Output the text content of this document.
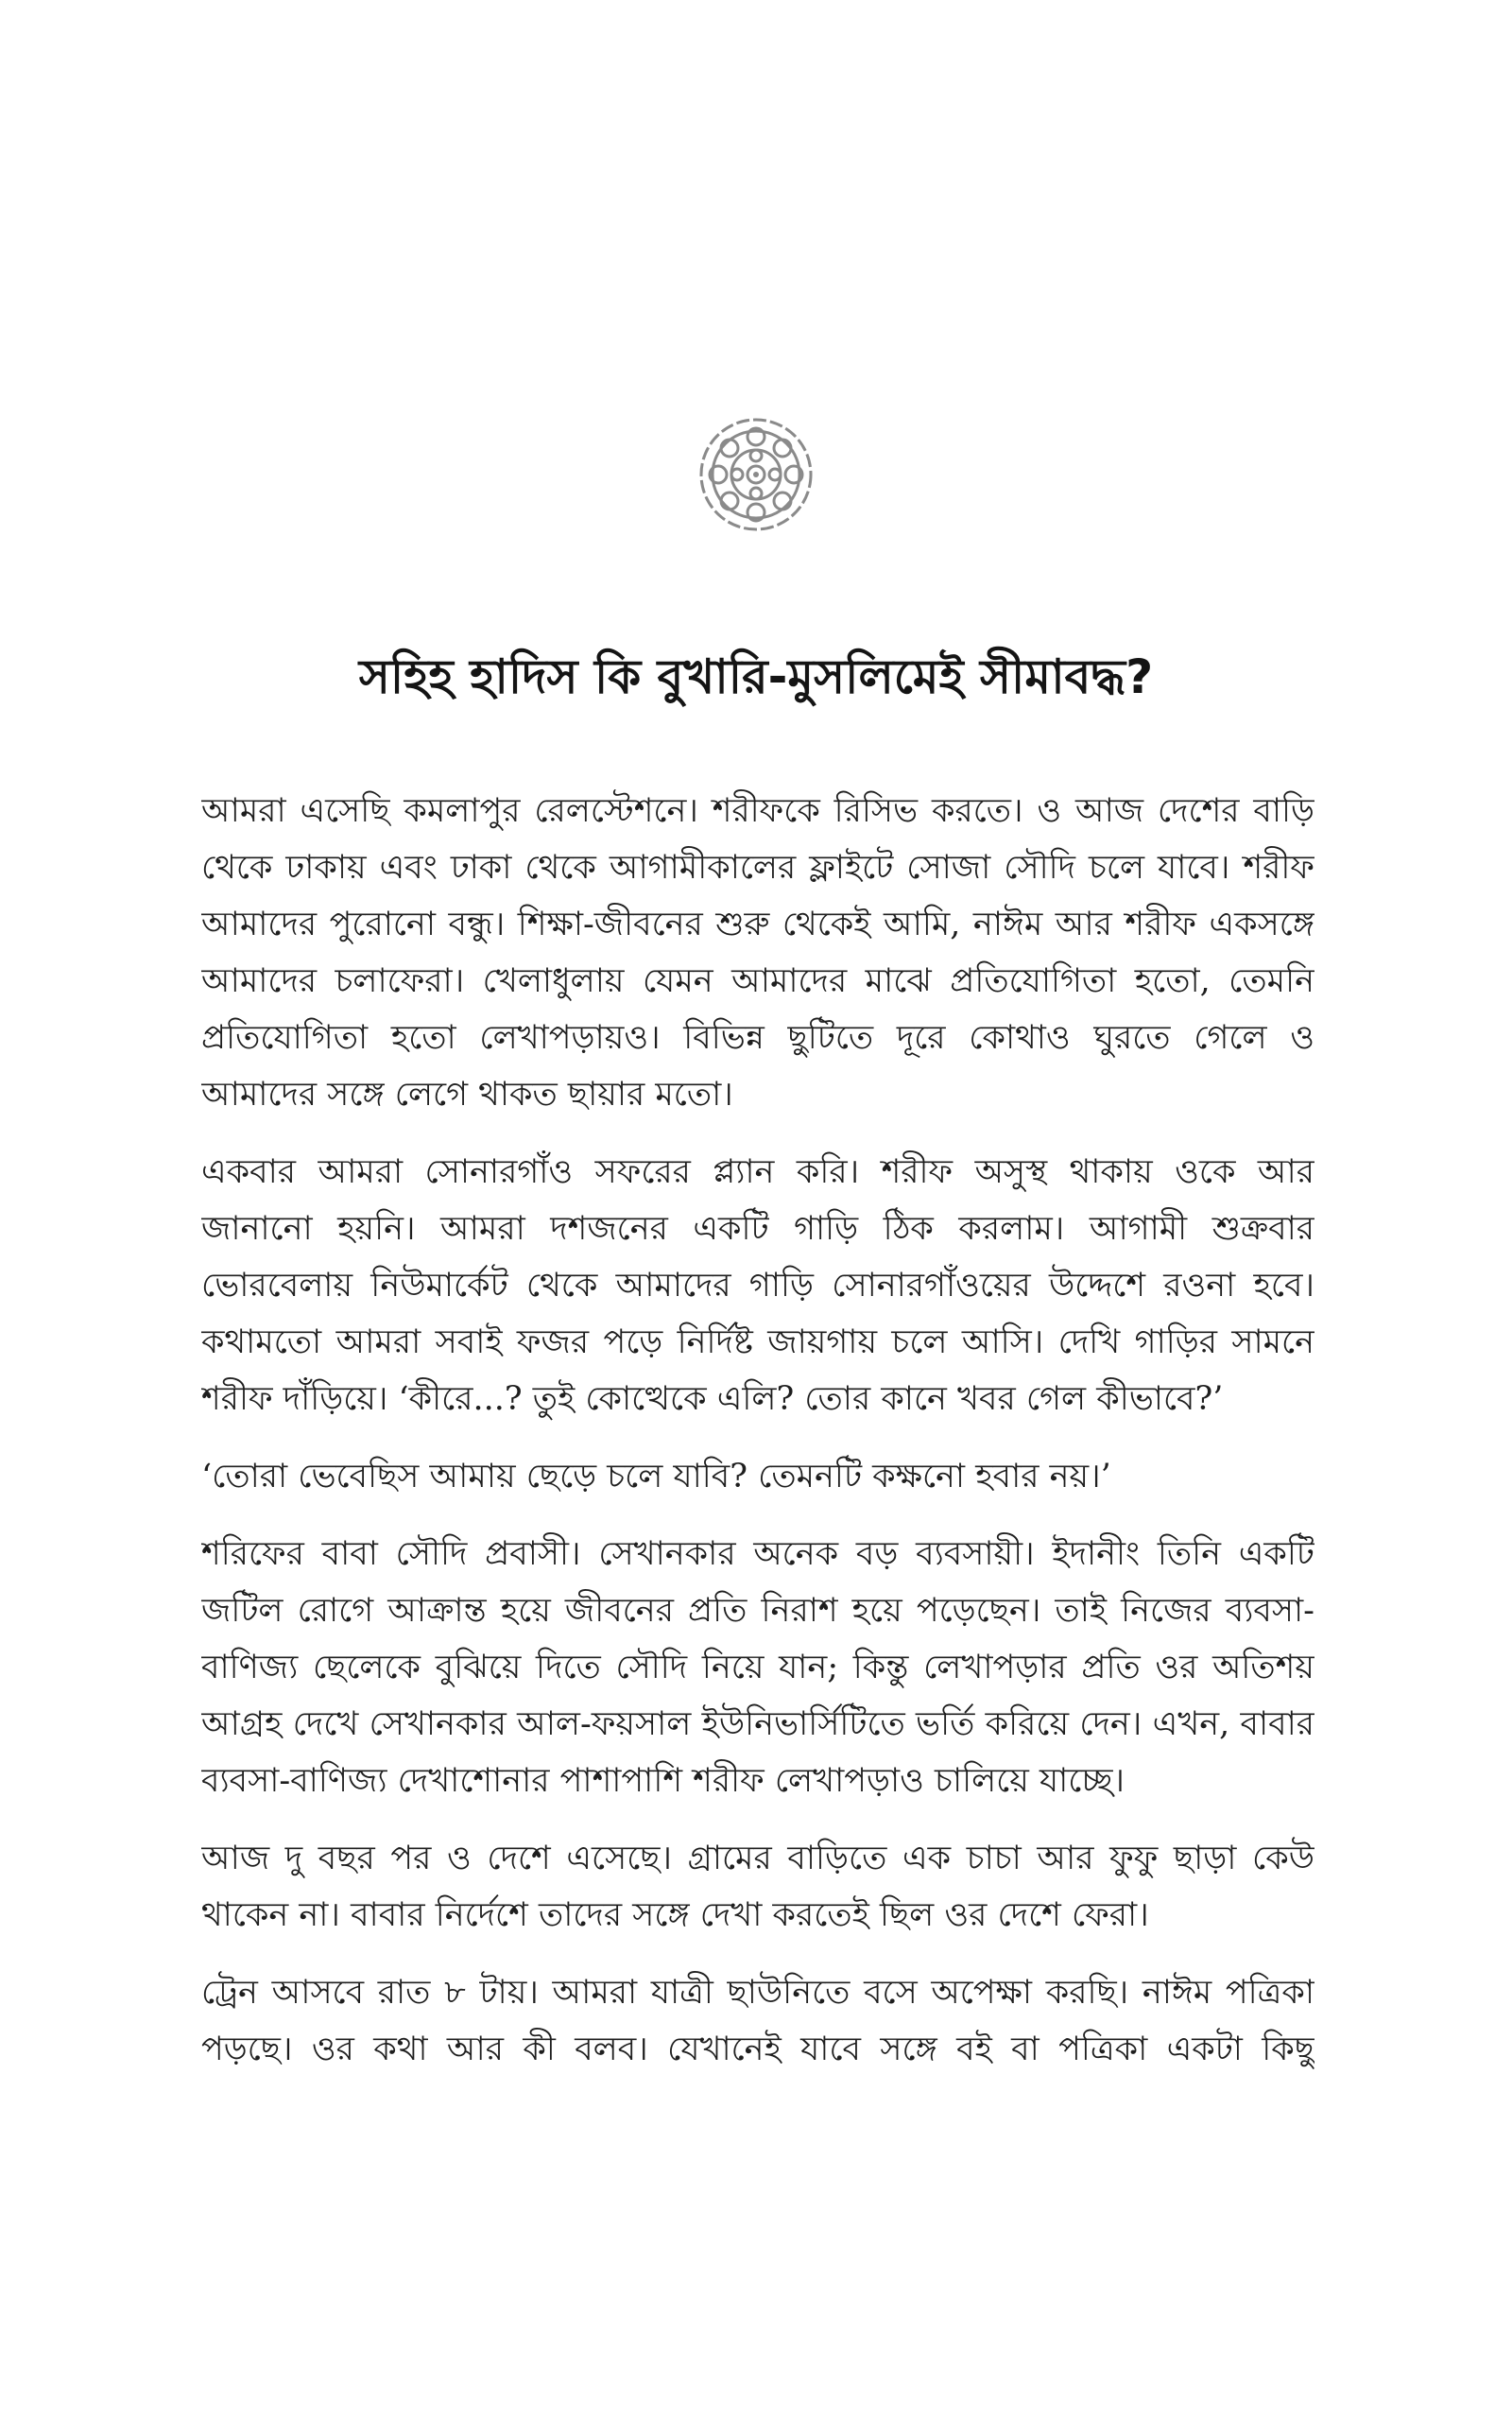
সহিহ হাদিস কি বুখারি-মুসলিমেই সীমাবদ্ধ?

আমরা এসেছি কমলাপুর রেলস্টেশনে। শরীফকে রিসিভ করতে। ও আজ দেশের বাড়ি থেকে ঢাকায় এবং ঢাকা থেকে আগামীকালের ফ্লাইটে সোজা সৌদি চলে যাবে। শরীফ আমাদের পুরোনো বন্ধু। শিক্ষা-জীবনের শুরু থেকেই আমি, নাঈম আর শরীফ একসঙ্গে আমাদের চলাফেরা। খেলাধুলায় যেমন আমাদের মাঝে প্রতিযোগিতা হতো, তেমনি প্রতিযোগিতা হতো লেখাপড়ায়ও। বিভিন্ন ছুটিতে দূরে কোথাও ঘুরতে গেলে ও আমাদের সঙ্গে লেগে থাকত ছায়ার মতো।

একবার আমরা সোনারগাঁও সফরের প্ল্যান করি। শরীফ অসুস্থ থাকায় ওকে আর জানানো হয়নি। আমরা দশজনের একটি গাড়ি ঠিক করলাম। আগামী শুক্রবার ভোরবেলায় নিউমার্কেট থেকে আমাদের গাড়ি সোনারগাঁওয়ের উদ্দেশে রওনা হবে। কথামতো আমরা সবাই ফজর পড়ে নির্দিষ্ট জায়গায় চলে আসি। দেখি গাড়ির সামনে শরীফ দাঁড়িয়ে। ‘কীরে...? তুই কোত্থেকে এলি? তোর কানে খবর গেল কীভাবে?’

‘তোরা ভেবেছিস আমায় ছেড়ে চলে যাবি? তেমনটি কক্ষনো হবার নয়।’

শরিফের বাবা সৌদি প্রবাসী। সেখানকার অনেক বড় ব্যবসায়ী। ইদানীং তিনি একটি জটিল রোগে আক্রান্ত হয়ে জীবনের প্রতি নিরাশ হয়ে পড়েছেন। তাই নিজের ব্যবসা-বাণিজ্য ছেলেকে বুঝিয়ে দিতে সৌদি নিয়ে যান; কিন্তু লেখাপড়ার প্রতি ওর অতিশয় আগ্রহ দেখে সেখানকার আল-ফয়সাল ইউনিভার্সিটিতে ভর্তি করিয়ে দেন। এখন, বাবার ব্যবসা-বাণিজ্য দেখাশোনার পাশাপাশি শরীফ লেখাপড়াও চালিয়ে যাচ্ছে।

আজ দু বছর পর ও দেশে এসেছে। গ্রামের বাড়িতে এক চাচা আর ফুফু ছাড়া কেউ থাকেন না। বাবার নির্দেশে তাদের সঙ্গে দেখা করতেই ছিল ওর দেশে ফেরা।

ট্রেন আসবে রাত ৮ টায়। আমরা যাত্রী ছাউনিতে বসে অপেক্ষা করছি। নাঈম পত্রিকা পড়ছে। ওর কথা আর কী বলব। যেখানেই যাবে সঙ্গে বই বা পত্রিকা একটা কিছু
